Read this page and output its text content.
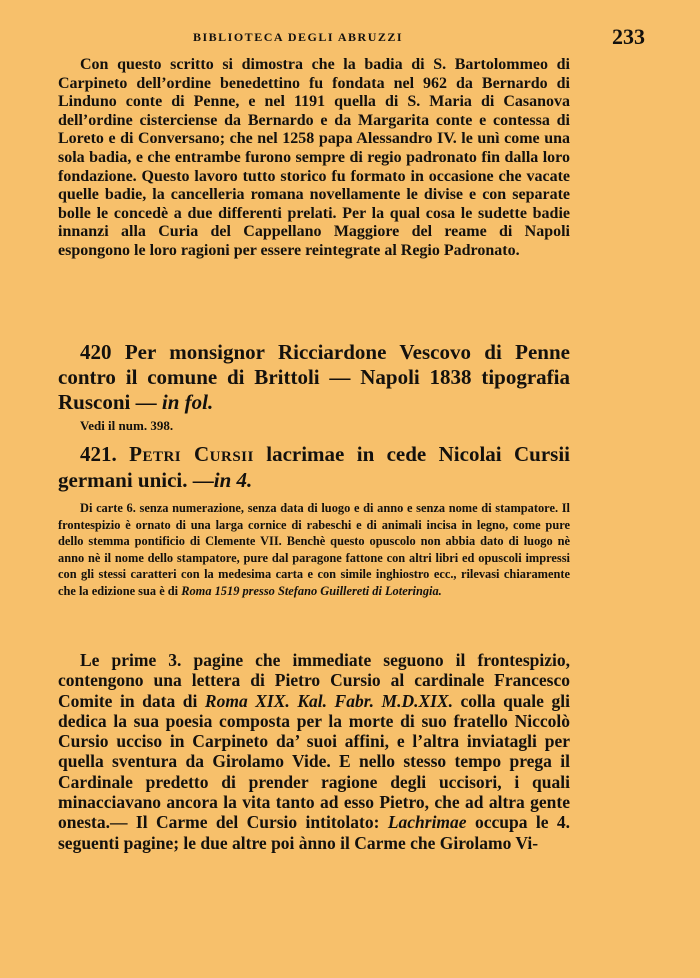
BIBLIOTECA DEGLI ABRUZZI	233

Con questo scritto si dimostra che la badia di S. Bartolommeo di Carpineto dell’ordine benedettino fu fondata nel 962 da Bernardo di Linduno conte di Penne, e nel 1191 quella di S. Maria di Casanova dell’ordine cisterciense da Bernardo e da Margarita conte e contessa di Loreto e di Conversano; che nel 1258 papa Alessandro IV. le unì come una sola badia, e che entrambe furono sempre di regio padronato fin dalla loro fondazione. Questo lavoro tutto storico fu formato in occasione che vacate quelle badie, la cancelleria romana novellamente le divise e con separate bolle le concedè a due differenti prelati. Per la qual cosa le sudette badie innanzi alla Curia del Cappellano Maggiore del reame di Napoli espongono le loro ragioni per essere reintegrate al Regio Padronato.

420 Per monsignor Ricciardone Vescovo di Penne contro il comune di Brittoli — Napoli 1838 tipografia Rusconi — in fol.

Vedi il num. 398.

421. Petri Cursii lacrimae in cede Nicolai Cursii germani unici. —in 4.

Di carte 6. senza numerazione, senza data di luogo e di anno e senza nome di stampatore. Il frontespizio è ornato di una larga cornice di rabeschi e di animali incisa in legno, come pure dello stemma pontificio di Clemente VII. Benchè questo opuscolo non abbia dato di luogo nè anno nè il nome dello stampatore, pure dal paragone fattone con altri libri ed opuscoli impressi con gli stessi caratteri con la medesima carta e con simile inghiostro ecc., rilevasi chiaramente che la edizione sua è di Roma 1519 presso Stefano Guillereti di Loteringia.

Le prime 3. pagine che immediate seguono il frontespizio, contengono una lettera di Pietro Cursio al cardinale Francesco Comite in data di Roma XIX. Kal. Fabr. M.D.XIX. colla quale gli dedica la sua poesia composta per la morte di suo fratello Niccolò Cursio ucciso in Carpineto da’ suoi affini, e l’altra inviatagli per quella sventura da Girolamo Vide. E nello stesso tempo prega il Cardinale predetto di prender ragione degli uccisori, i quali minacciavano ancora la vita tanto ad esso Pietro, che ad altra gente onesta.— Il Carme del Cursio intitolato: Lachrimae occupa le 4. seguenti pagine; le due altre poi ànno il Carme che Girolamo Vi-
